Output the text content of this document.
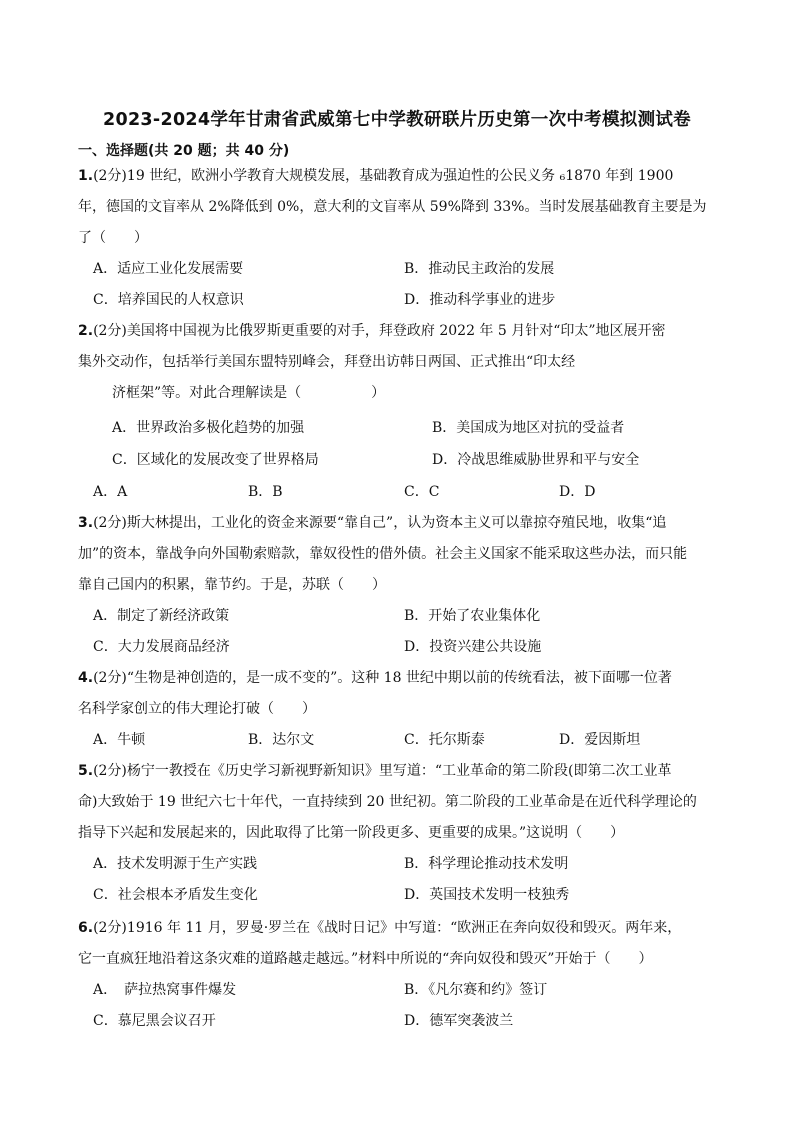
2023-2024学年甘肃省武威第七中学教研联片历史第一次中考模拟测试卷
一、选择题(共 20 题；共 40 分)
1.(2分)19 世纪，欧洲小学教育大规模发展，基础教育成为强迫性的公民义务 ₆1870 年到 1900
年，德国的文盲率从 2%降低到 0%，意大利的文盲率从 59%降到 33%。当时发展基础教育主要是为
了（　　）
A．适应工业化发展需要	B．推动民主政治的发展
C．培养国民的人权意识	D．推动科学事业的进步
2.(2分)美国将中国视为比俄罗斯更重要的对手，拜登政府 2022 年 5 月针对“印太”地区展开密
集外交动作，包括举行美国东盟特别峰会，拜登出访韩日两国、正式推出“印太经
济框架”等。对此合理解读是（　　　　　）
A．世界政治多极化趋势的加强	B．美国成为地区对抗的受益者
C．区域化的发展改变了世界格局	D．冷战思维威胁世界和平与安全
A．A	B．B	C．C	D．D
3.(2分)斯大林提出，工业化的资金来源要“靠自己”，认为资本主义可以靠掠夺殖民地，收集“追
加”的资本，靠战争向外国勒索赔款，靠奴役性的借外债。社会主义国家不能采取这些办法，而只能
靠自己国内的积累，靠节约。于是，苏联（　　）
A．制定了新经济政策	B．开始了农业集体化
C．大力发展商品经济	D．投资兴建公共设施
4.(2分)“生物是神创造的，是一成不变的”。这种 18 世纪中期以前的传统看法，被下面哪一位著
名科学家创立的伟大理论打破（　　）
A．牛顿	B．达尔文	C．托尔斯泰	D．爱因斯坦
5.(2分)杨宁一教授在《历史学习新视野新知识》里写道：“工业革命的第二阶段(即第二次工业革
命)大致始于 19 世纪六七十年代，一直持续到 20 世纪初。第二阶段的工业革命是在近代科学理论的
指导下兴起和发展起来的，因此取得了比第一阶段更多、更重要的成果。”这说明（　　）
A．技术发明源于生产实践	B．科学理论推动技术发明
C．社会根本矛盾发生变化	D．英国技术发明一枝独秀
6.(2分)1916 年 11 月，罗曼·罗兰在《战时日记》中写道：“欧洲正在奔向奴役和毁灭。两年来，
它一直疯狂地沿着这条灾难的道路越走越远。”材料中所说的“奔向奴役和毁灭”开始于（　　）
A．　萨拉热窝事件爆发	B．《凡尔赛和约》签订
C．慕尼黑会议召开	D．德军突袭波兰
